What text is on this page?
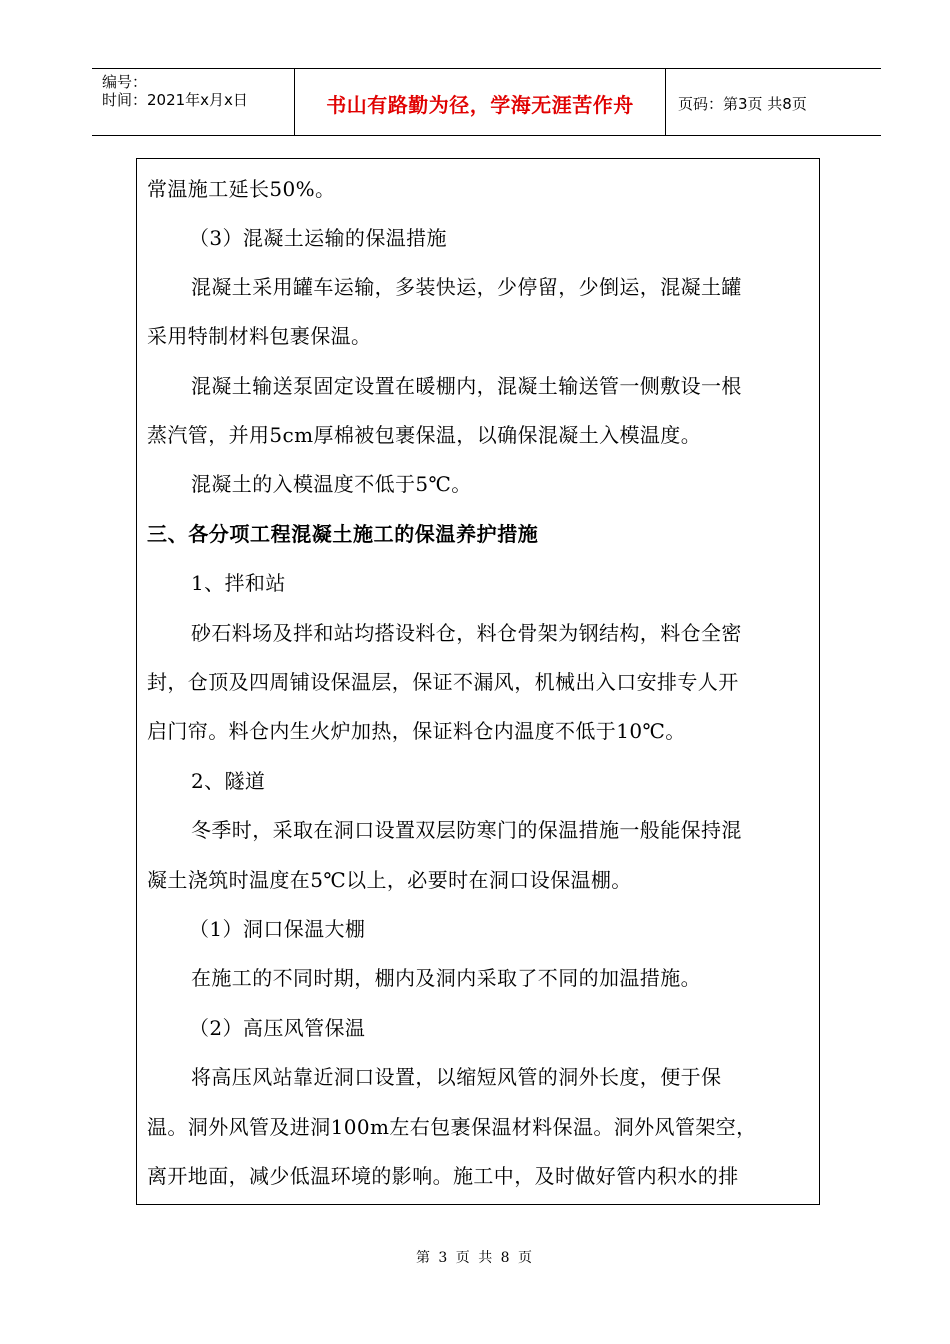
编号：
时间：2021年x月x日	书山有路勤为径，学海无涯苦作舟	页码：第3页 共8页
常温施工延长50%。
（3）混凝土运输的保温措施
混凝土采用罐车运输，多装快运，少停留，少倒运，混凝土罐
采用特制材料包裹保温。
混凝土输送泵固定设置在暖棚内，混凝土输送管一侧敷设一根
蒸汽管，并用5cm厚棉被包裹保温，以确保混凝土入模温度。
混凝土的入模温度不低于5℃。
三、各分项工程混凝土施工的保温养护措施
1、拌和站
砂石料场及拌和站均搭设料仓，料仓骨架为钢结构，料仓全密
封，仓顶及四周铺设保温层，保证不漏风，机械出入口安排专人开
启门帘。料仓内生火炉加热，保证料仓内温度不低于10℃。
2、隧道
冬季时，采取在洞口设置双层防寒门的保温措施一般能保持混
凝土浇筑时温度在5℃以上，必要时在洞口设保温棚。
（1）洞口保温大棚
在施工的不同时期，棚内及洞内采取了不同的加温措施。
（2）高压风管保温
将高压风站靠近洞口设置，以缩短风管的洞外长度，便于保
温。洞外风管及进洞100m左右包裹保温材料保温。洞外风管架空，
离开地面，减少低温环境的影响。施工中，及时做好管内积水的排
第 3 页 共 8 页
